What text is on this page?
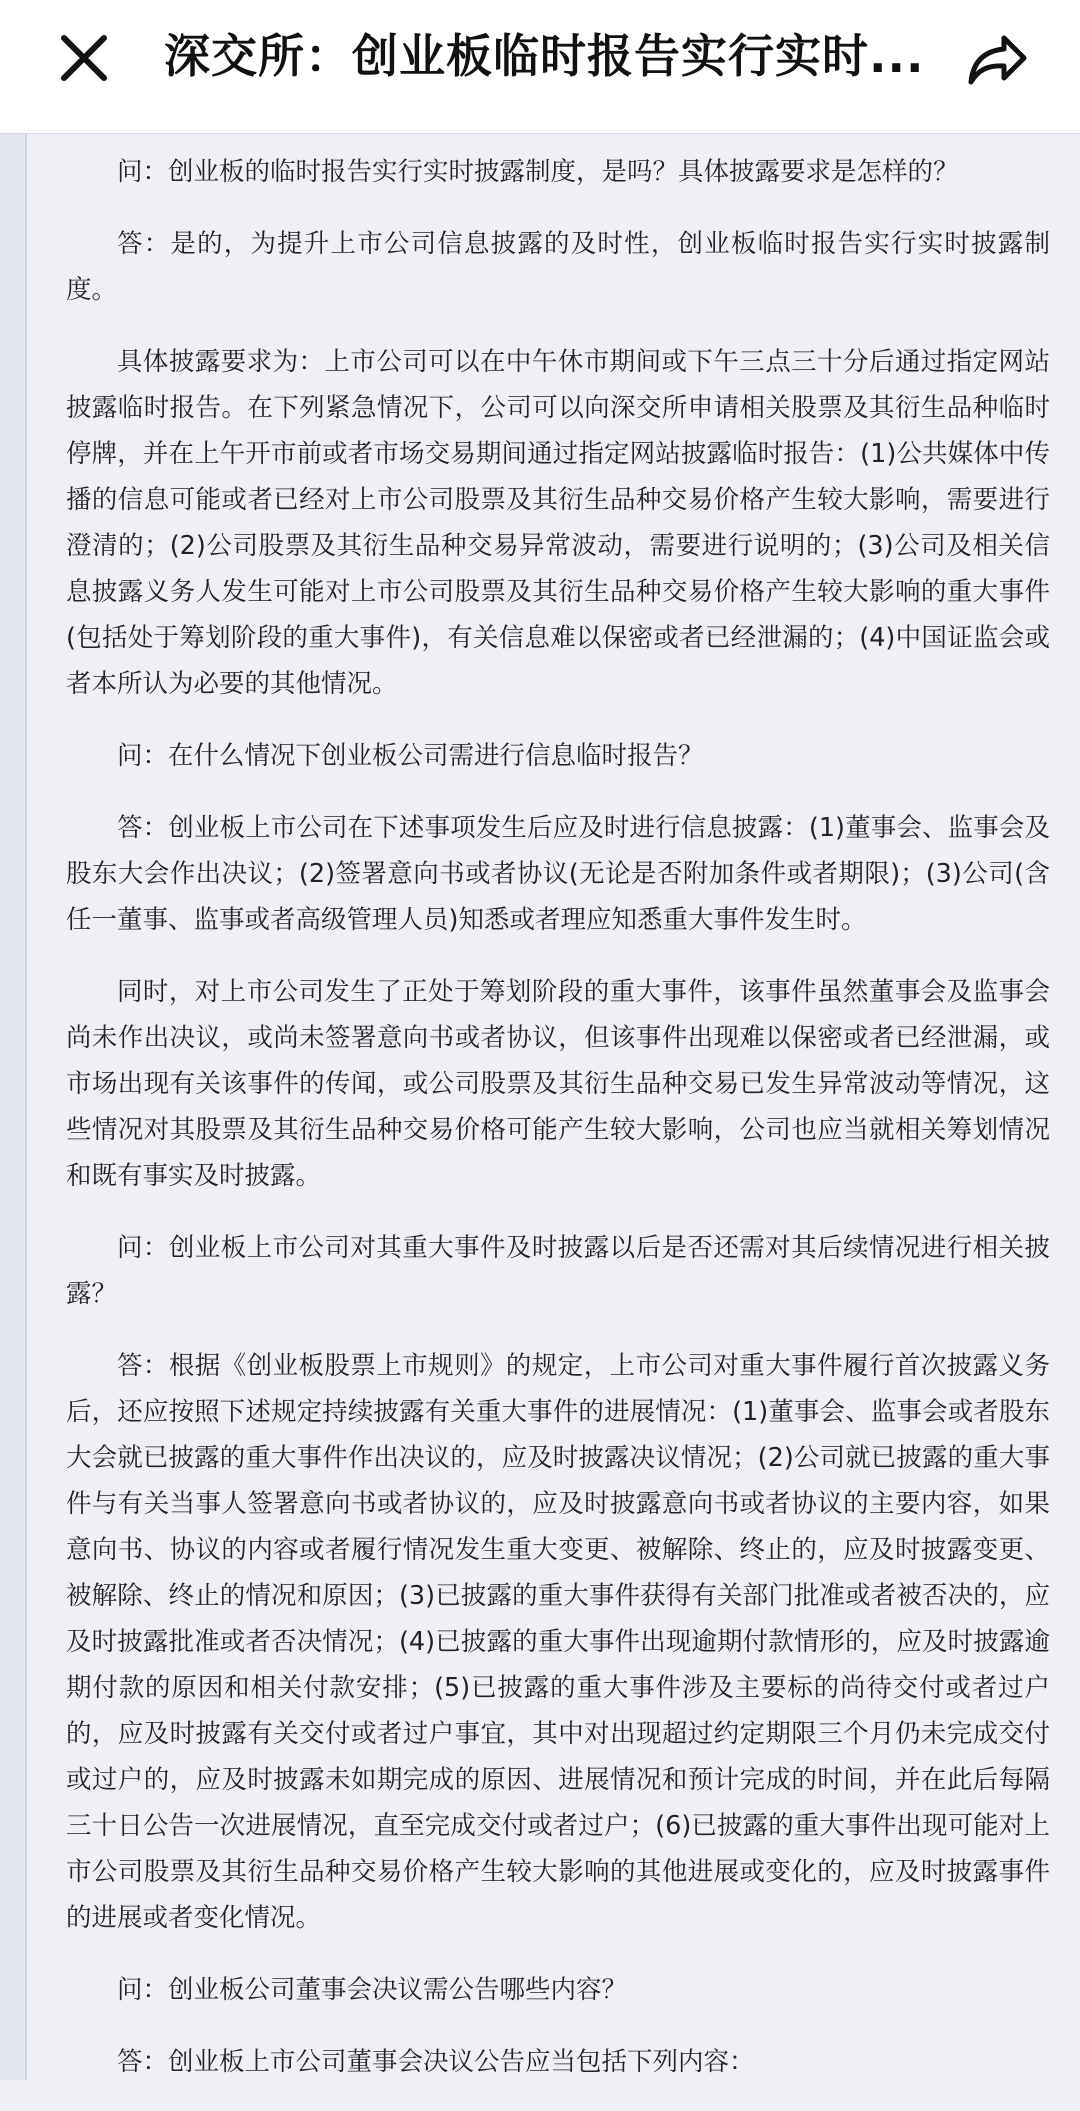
深交所：创业板临时报告实行实时...

问：创业板的临时报告实行实时披露制度，是吗？具体披露要求是怎样的？

答：是的，为提升上市公司信息披露的及时性，创业板临时报告实行实时披露制度。

具体披露要求为：上市公司可以在中午休市期间或下午三点三十分后通过指定网站披露临时报告。在下列紧急情况下，公司可以向深交所申请相关股票及其衍生品种临时停牌，并在上午开市前或者市场交易期间通过指定网站披露临时报告：(1)公共媒体中传播的信息可能或者已经对上市公司股票及其衍生品种交易价格产生较大影响，需要进行澄清的；(2)公司股票及其衍生品种交易异常波动，需要进行说明的；(3)公司及相关信息披露义务人发生可能对上市公司股票及其衍生品种交易价格产生较大影响的重大事件(包括处于筹划阶段的重大事件)，有关信息难以保密或者已经泄漏的；(4)中国证监会或者本所认为必要的其他情况。

问：在什么情况下创业板公司需进行信息临时报告？

答：创业板上市公司在下述事项发生后应及时进行信息披露：(1)董事会、监事会及股东大会作出决议；(2)签署意向书或者协议(无论是否附加条件或者期限)；(3)公司(含任一董事、监事或者高级管理人员)知悉或者理应知悉重大事件发生时。

同时，对上市公司发生了正处于筹划阶段的重大事件，该事件虽然董事会及监事会尚未作出决议，或尚未签署意向书或者协议，但该事件出现难以保密或者已经泄漏，或市场出现有关该事件的传闻，或公司股票及其衍生品种交易已发生异常波动等情况，这些情况对其股票及其衍生品种交易价格可能产生较大影响，公司也应当就相关筹划情况和既有事实及时披露。

问：创业板上市公司对其重大事件及时披露以后是否还需对其后续情况进行相关披露？

答：根据《创业板股票上市规则》的规定，上市公司对重大事件履行首次披露义务后，还应按照下述规定持续披露有关重大事件的进展情况：(1)董事会、监事会或者股东大会就已披露的重大事件作出决议的，应及时披露决议情况；(2)公司就已披露的重大事件与有关当事人签署意向书或者协议的，应及时披露意向书或者协议的主要内容，如果意向书、协议的内容或者履行情况发生重大变更、被解除、终止的，应及时披露变更、被解除、终止的情况和原因；(3)已披露的重大事件获得有关部门批准或者被否决的，应及时披露批准或者否决情况；(4)已披露的重大事件出现逾期付款情形的，应及时披露逾期付款的原因和相关付款安排；(5)已披露的重大事件涉及主要标的尚待交付或者过户的，应及时披露有关交付或者过户事宜，其中对出现超过约定期限三个月仍未完成交付或过户的，应及时披露未如期完成的原因、进展情况和预计完成的时间，并在此后每隔三十日公告一次进展情况，直至完成交付或者过户；(6)已披露的重大事件出现可能对上市公司股票及其衍生品种交易价格产生较大影响的其他进展或变化的，应及时披露事件的进展或者变化情况。

问：创业板公司董事会决议需公告哪些内容？

答：创业板上市公司董事会决议公告应当包括下列内容：
